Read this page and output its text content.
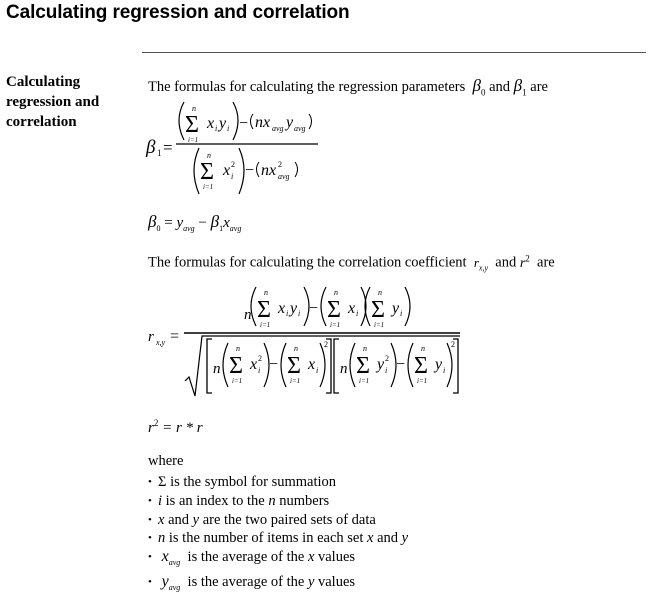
Calculating regression and correlation
Calculating regression and correlation
The formulas for calculating the regression parameters $\beta_0$ and $\beta_1$ are
β 1 =
n
Σ
i=1
x i y i − nx avg y avg
n
Σ
i=1
x 2
i − nx 2
avg
$\beta_0 = y_{avg} - \beta_1x_{avg}$
The formulas for calculating the correlation coefficient $r_{x,y}$ and $r^2$ are
r x,y =
n
n
Σ
i=1
x i y i −
n
Σ
i=1
x i
n
Σ
i=1
y i
n
n
Σ
i=1
x 2
i −
n
Σ
i=1
x i
2
n
n
Σ
i=1
y 2
i −
n
Σ
i=1
y i
2
$r^2 = r * r$
where
• Σ is the symbol for summation
• i is an index to the n numbers
• x and y are the two paired sets of data
• n is the number of items in each set x and y
• $x_{avg}$  is the average of the x values
• $y_{avg}$  is the average of the y values
